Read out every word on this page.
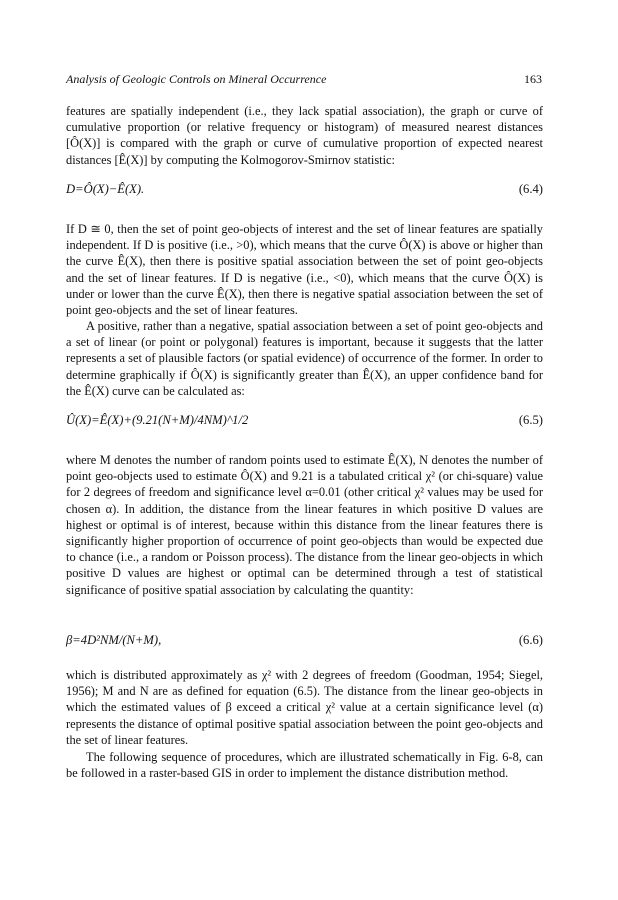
Analysis of Geologic Controls on Mineral Occurrence	163

features are spatially independent (i.e., they lack spatial association), the graph or curve of cumulative proportion (or relative frequency or histogram) of measured nearest distances [Ô(X)] is compared with the graph or curve of cumulative proportion of expected nearest distances [Ê(X)] by computing the Kolmogorov-Smirnov statistic:

D=Ô(X)−Ê(X).	(6.4)

If D ≅ 0, then the set of point geo-objects of interest and the set of linear features are spatially independent. If D is positive (i.e., >0), which means that the curve Ô(X) is above or higher than the curve Ê(X), then there is positive spatial association between the set of point geo-objects and the set of linear features. If D is negative (i.e., <0), which means that the curve Ô(X) is under or lower than the curve Ê(X), then there is negative spatial association between the set of point geo-objects and the set of linear features.

A positive, rather than a negative, spatial association between a set of point geo-objects and a set of linear (or point or polygonal) features is important, because it suggests that the latter represents a set of plausible factors (or spatial evidence) of occurrence of the former. In order to determine graphically if Ô(X) is significantly greater than Ê(X), an upper confidence band for the Ê(X) curve can be calculated as:

Û(X)=Ê(X)+(9.21(N+M)/4NM)^1/2	(6.5)

where M denotes the number of random points used to estimate Ê(X), N denotes the number of point geo-objects used to estimate Ô(X) and 9.21 is a tabulated critical χ² (or chi-square) value for 2 degrees of freedom and significance level α=0.01 (other critical χ² values may be used for chosen α). In addition, the distance from the linear features in which positive D values are highest or optimal is of interest, because within this distance from the linear features there is significantly higher proportion of occurrence of point geo-objects than would be expected due to chance (i.e., a random or Poisson process). The distance from the linear geo-objects in which positive D values are highest or optimal can be determined through a test of statistical significance of positive spatial association by calculating the quantity:

β=4D²NM/(N+M),	(6.6)

which is distributed approximately as χ² with 2 degrees of freedom (Goodman, 1954; Siegel, 1956); M and N are as defined for equation (6.5). The distance from the linear geo-objects in which the estimated values of β exceed a critical χ² value at a certain significance level (α) represents the distance of optimal positive spatial association between the point geo-objects and the set of linear features.

The following sequence of procedures, which are illustrated schematically in Fig. 6-8, can be followed in a raster-based GIS in order to implement the distance distribution method.
